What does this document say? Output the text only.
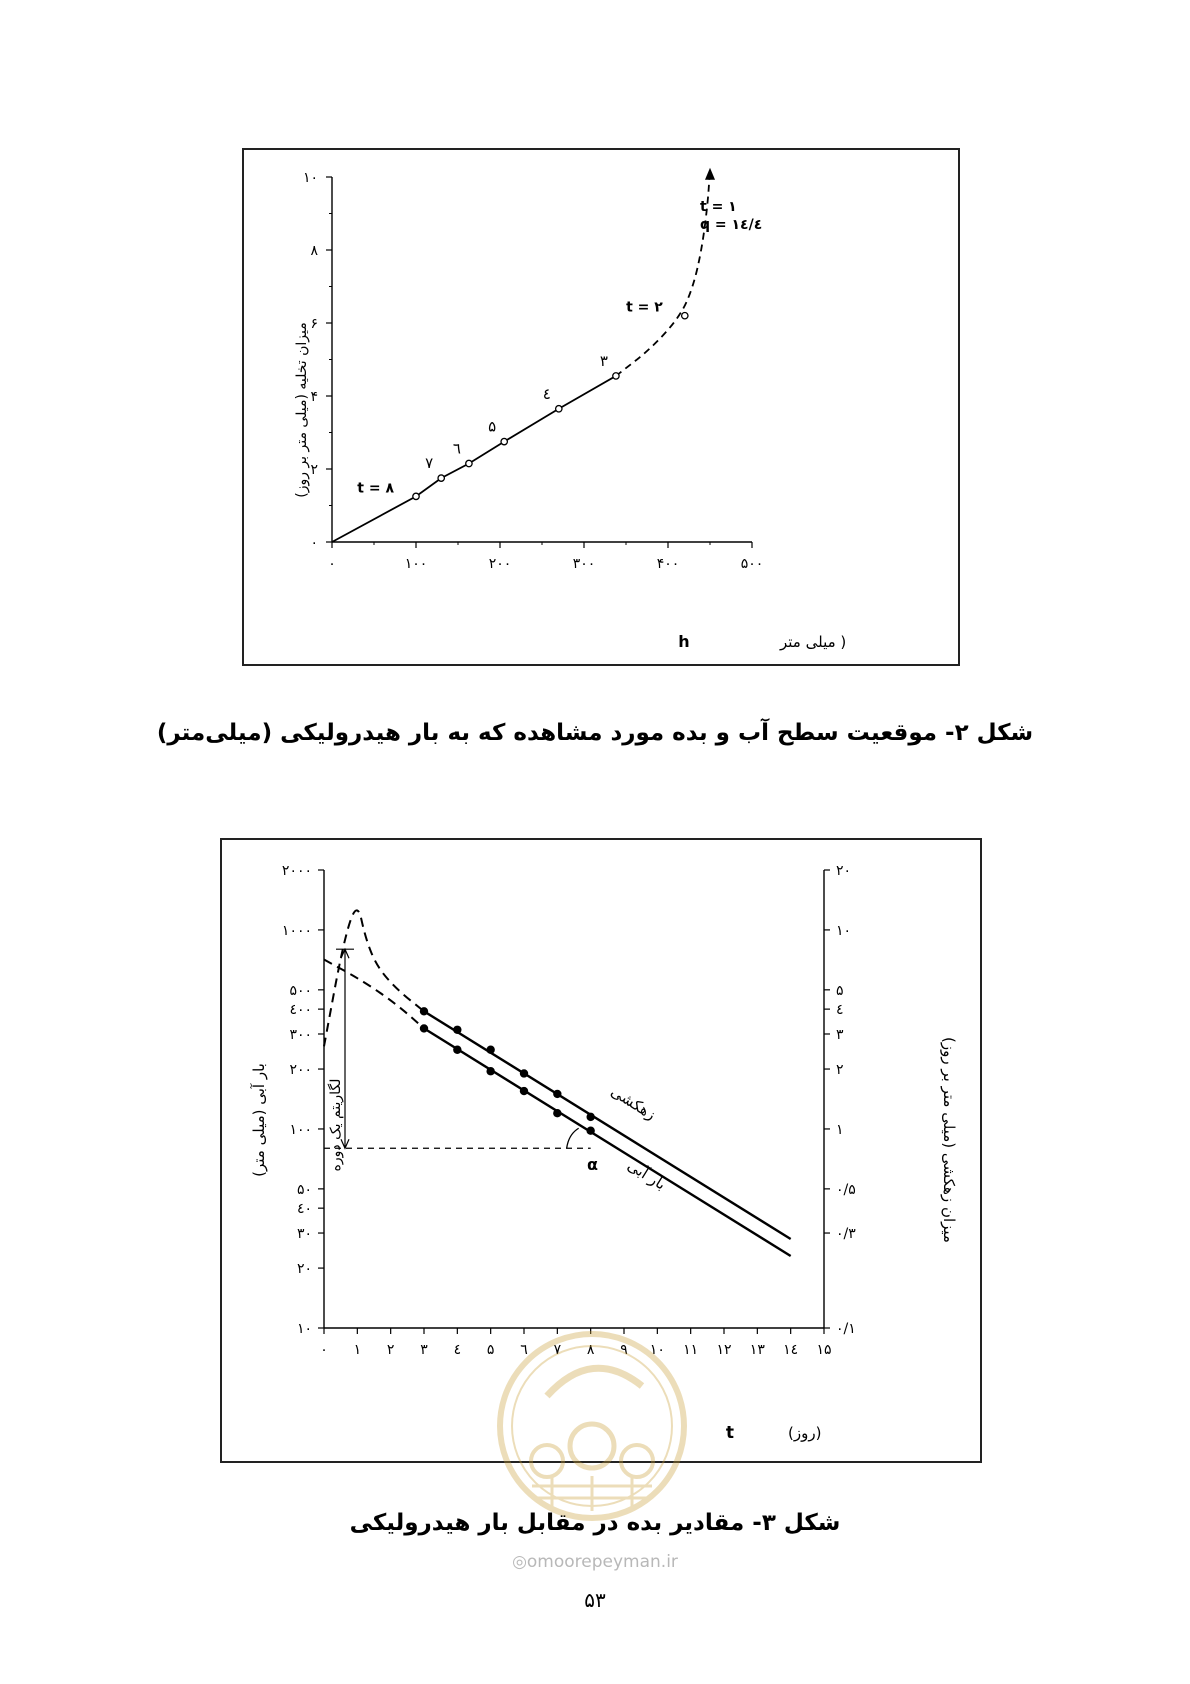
۰	۱۰۰	۲۰۰	۳۰۰	۴۰۰	۵۰۰
۰
۲
۴
۶
۸
۱۰
t = ۸
۷
٦
۵
٤
۳
t = ۲
میزان تخلیه (میلی متر بر روز)
( میلی متر
h
t = ۱
q = ۱٤/٤
شکل ۲- موقعیت سطح آب و بده مورد مشاهده که به بار هیدرولیکی (میلی‌متر)
۰ ۱ ۲ ۳ ٤ ۵ ٦ ۷ ۸ ۹ ۱۰ ۱۱ ۱۲ ۱۳ ۱٤ ۱۵
۱۰
۲۰
۳۰
٤۰
۵۰
۱۰۰
۲۰۰
۳۰۰
٤۰۰
۵۰۰
۱۰۰۰
۲۰۰۰
۰/۱
۰/۳
۰/۵
۱
۲
۳
٤
۵
۱۰
۲۰
زهکشی
بار آبی
بار آبی (میلی متر)	میزان زهکشی (میلی متر بر روز)
(روز)
t
لگاریتم یک دوره	α
شکل ۳- مقادیر بده در مقابل بار هیدرولیکی
◎omoorepeyman.ir
۵۳
